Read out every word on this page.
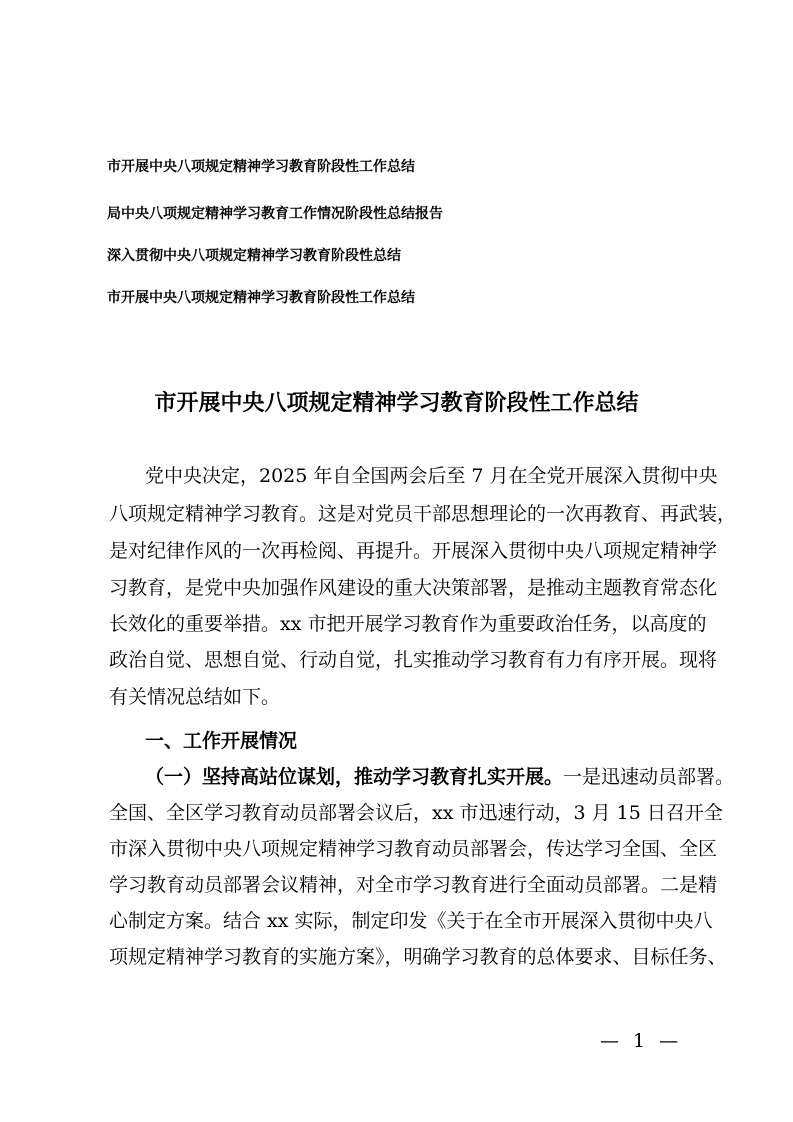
市开展中央八项规定精神学习教育阶段性工作总结
局中央八项规定精神学习教育工作情况阶段性总结报告
深入贯彻中央八项规定精神学习教育阶段性总结
市开展中央八项规定精神学习教育阶段性工作总结
市开展中央八项规定精神学习教育阶段性工作总结
党中央决定，2025 年自全国两会后至 7 月在全党开展深入贯彻中央
八项规定精神学习教育。这是对党员干部思想理论的一次再教育、再武装，
是对纪律作风的一次再检阅、再提升。开展深入贯彻中央八项规定精神学
习教育，是党中央加强作风建设的重大决策部署，是推动主题教育常态化
长效化的重要举措。xx 市把开展学习教育作为重要政治任务，以高度的
政治自觉、思想自觉、行动自觉，扎实推动学习教育有力有序开展。现将
有关情况总结如下。
一、工作开展情况
（一）坚持高站位谋划，推动学习教育扎实开展。一是迅速动员部署。
全国、全区学习教育动员部署会议后，xx 市迅速行动，3 月 15 日召开全
市深入贯彻中央八项规定精神学习教育动员部署会，传达学习全国、全区
学习教育动员部署会议精神，对全市学习教育进行全面动员部署。二是精
心制定方案。结合 xx 实际，制定印发《关于在全市开展深入贯彻中央八
项规定精神学习教育的实施方案》，明确学习教育的总体要求、目标任务、
— 1 —
